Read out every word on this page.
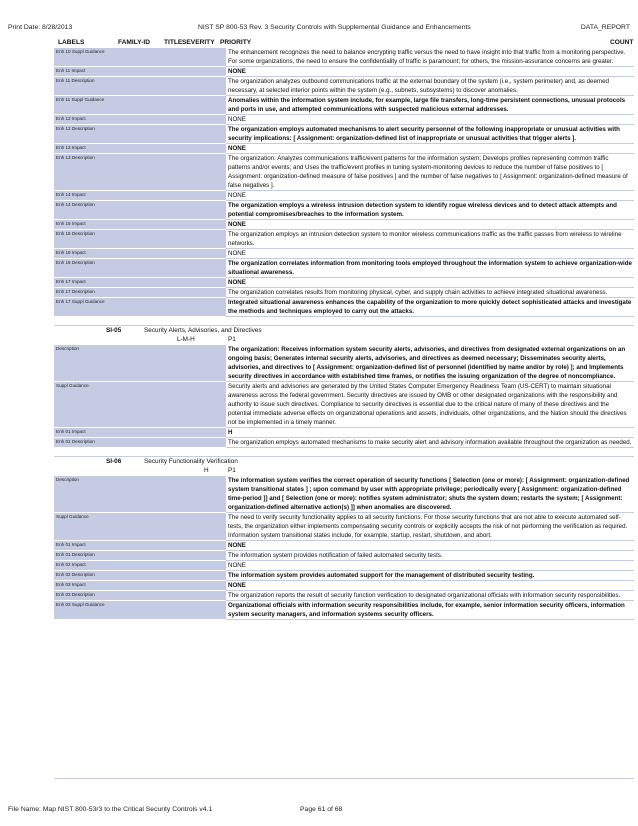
Print Date: 8/28/2013	NIST SP 800-53 Rev. 3 Security Controls with Supplemental Guidance and Enhancements	DATA_REPORT
LABELS	FAMILY-ID TITLE SEVERITY PRIORITY	COUNT
Enh 10 Suppl Guidance	The enhancement recognizes the need to balance encrypting traffic versus the need to have insight into that traffic from a monitoring perspective. For some organizations, the need to ensure the confidentiality of traffic is paramount; for others, the mission-assurance concerns are greater.
Enh 11 Impact	NONE
Enh 11 Description	The organization analyzes outbound communications traffic at the external boundary of the system (i.e., system perimeter) and, as deemed necessary, at selected interior points within the system (e.g., subnets, subsystems) to discover anomalies.
Enh 11 Suppl Guidance	Anomalies within the information system include, for example, large file transfers, long-time persistent connections, unusual protocols and ports in use, and attempted communications with suspected malicious external addresses.
Enh 12 Impact	NONE
Enh 12 Description	The organization employs automated mechanisms to alert security personnel of the following inappropriate or unusual activities with security implications: [ Assignment: organization-defined list of inappropriate or unusual activities that trigger alerts ].
Enh 13 Impact	NONE
Enh 13 Description	The organization: Analyzes communications traffic/event patterns for the information system; Develops profiles representing common traffic patterns and/or events; and Uses the traffic/event profiles in tuning system-monitoring devices to reduce the number of false positives to [ Assignment: organization-defined measure of false positives ] and the number of false negatives to [ Assignment: organization-defined measure of false negatives ].
Enh 14 Impact	NONE
Enh 14 Description	The organization employs a wireless intrusion detection system to identify rogue wireless devices and to detect attack attempts and potential compromises/breaches to the information system.
Enh 15 Impact	NONE
Enh 15 Description	The organization employs an intrusion detection system to monitor wireless communications traffic as the traffic passes from wireless to wireline networks.
Enh 16 Impact	NONE
Enh 16 Description	The organization correlates information from monitoring tools employed throughout the information system to achieve organization-wide situational awareness.
Enh 17 Impact	NONE
Enh 17 Description	The organization correlates results from monitoring physical, cyber, and supply chain activities to achieve integrated situational awareness.
Enh 17 Suppl Guidance	Integrated situational awareness enhances the capability of the organization to more quickly detect sophisticated attacks and investigate the methods and techniques employed to carry out the attacks.
SI-05	Security Alerts, Advisories, and Directives
L-M-H	P1
Description	The organization: Receives information system security alerts, advisories, and directives from designated external organizations on an ongoing basis; Generates internal security alerts, advisories, and directives as deemed necessary; Disseminates security alerts, advisories, and directives to [ Assignment: organization-defined list of personnel (identified by name and/or by role) ]; and Implements security directives in accordance with established time frames, or notifies the issuing organization of the degree of noncompliance.
Suppl Guidance	Security alerts and advisories are generated by the United States Computer Emergency Readiness Team (US-CERT) to maintain situational awareness across the federal government. Security directives are issued by OMB or other designated organizations with the responsibility and authority to issue such directives. Compliance to security directives is essential due to the critical nature of many of these directives and the potential immediate adverse effects on organizational operations and assets, individuals, other organizations, and the Nation should the directives not be implemented in a timely manner.
Enh 01 Impact	H
Enh 01 Description	The organization employs automated mechanisms to make security alert and advisory information available throughout the organization as needed.
SI-06	Security Functionality Verification
H	P1
Description	The information system verifies the correct operation of security functions [ Selection (one or more): [ Assignment: organization-defined system transitional states ] ; upon command by user with appropriate privilege; periodically every [ Assignment: organization-defined time-period ]] and [ Selection (one or more): notifies system administrator; shuts the system down; restarts the system; [ Assignment: organization-defined alternative action(s) ]] when anomalies are discovered.
Suppl Guidance	The need to verify security functionality applies to all security functions. For those security functions that are not able to execute automated self-tests, the organization either implements compensating security controls or explicitly accepts the risk of not performing the verification as required. Information system transitional states include, for example, startup, restart, shutdown, and abort.
Enh 01 Impact	NONE
Enh 01 Description	The information system provides notification of failed automated security tests.
Enh 02 Impact	NONE
Enh 02 Description	The information system provides automated support for the management of distributed security testing.
Enh 03 Impact	NONE
Enh 03 Description	The organization reports the result of security function verification to designated organizational officials with information security responsibilities.
Enh 03 Suppl Guidance	Organizational officials with information security responsibilities include, for example, senior information security officers, information system security managers, and information systems security officers.
File Name: Map NIST 800-53r3 to the Critical Security Controls v4.1	Page 61 of 68
